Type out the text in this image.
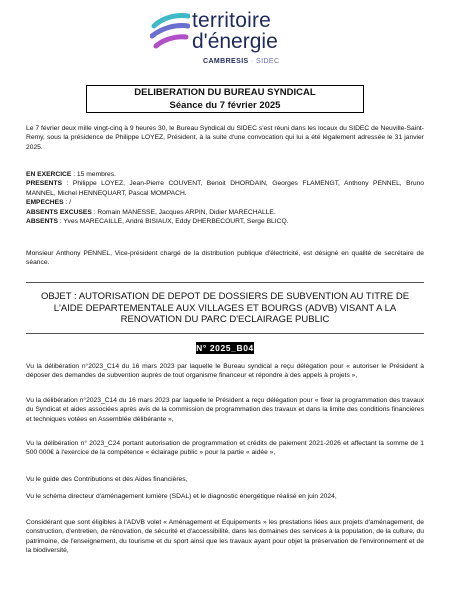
territoire
d'énergie
CAMBRESIS · SIDEC
DELIBERATION DU BUREAU SYNDICAL
Séance du 7 février 2025

Le 7 février deux mille vingt-cinq à 9 heures 30, le Bureau Syndical du SIDEC s'est réuni dans les locaux du SIDEC de Neuville-Saint-Remy, sous la présidence de Philippe LOYEZ, Président, à la suite d'une convocation qui lui a été légalement adressée le 31 janvier 2025.

EN EXERCICE : 15 membres.
PRESENTS : Philippe LOYEZ, Jean-Pierre COUVENT, Benoit DHORDAIN, Georges FLAMENGT, Anthony PENNEL, Bruno MANNEL, Michel HENNEQUART, Pascal MOMPACH.
EMPECHES : /
ABSENTS EXCUSES : Romain MANESSE, Jacques ARPIN, Didier MARECHALLE.
ABSENTS : Yves MARECAILLE, André BISIAUX, Eddy DHERBECOURT, Serge BLICQ.

Monsieur Anthony PENNEL, Vice-président chargé de la distribution publique d'électricité, est désigné en qualité de secrétaire de séance.

OBJET : AUTORISATION DE DEPOT DE DOSSIERS DE SUBVENTION AU TITRE DE L'AIDE DEPARTEMENTALE AUX VILLAGES ET BOURGS (ADVB) VISANT A LA RENOVATION DU PARC D'ECLAIRAGE PUBLIC
N° 2025_B04

Vu la délibération n°2023_C14 du 16 mars 2023 par laquelle le Bureau syndical a reçu délégation pour « autoriser le Président à déposer des demandes de subvention auprès de tout organisme financeur et répondre à des appels à projets »,

Vu la délibération n°2023_C14 du 16 mars 2023 par laquelle le Président a reçu délégation pour « fixer la programmation des travaux du Syndicat et aides associées après avis de la commission de programmation des travaux et dans la limite des conditions financières et techniques votées en Assemblée délibérante »,

Vu la délibération n° 2023_C24 portant autorisation de programmation et crédits de paiement 2021-2026 et affectant la somme de 1 500 000€ à l'exercice de la compétence « éclairage public » pour la partie « aidée »,

Vu le guide des Contributions et des Aides financières,

Vu le schéma directeur d'aménagement lumière (SDAL) et le diagnostic énergétique réalisé en juin 2024,

Considérant que sont éligibles à l'ADVB volet « Aménagement et Equipements » les prestations liées aux projets d'aménagement, de construction, d'entretien, de rénovation, de sécurité et d'accessibilité, dans les domaines des services à la population, de la culture, du patrimoine, de l'enseignement, du tourisme et du sport ainsi que les travaux ayant pour objet la préservation de l'environnement et de la biodiversité,
